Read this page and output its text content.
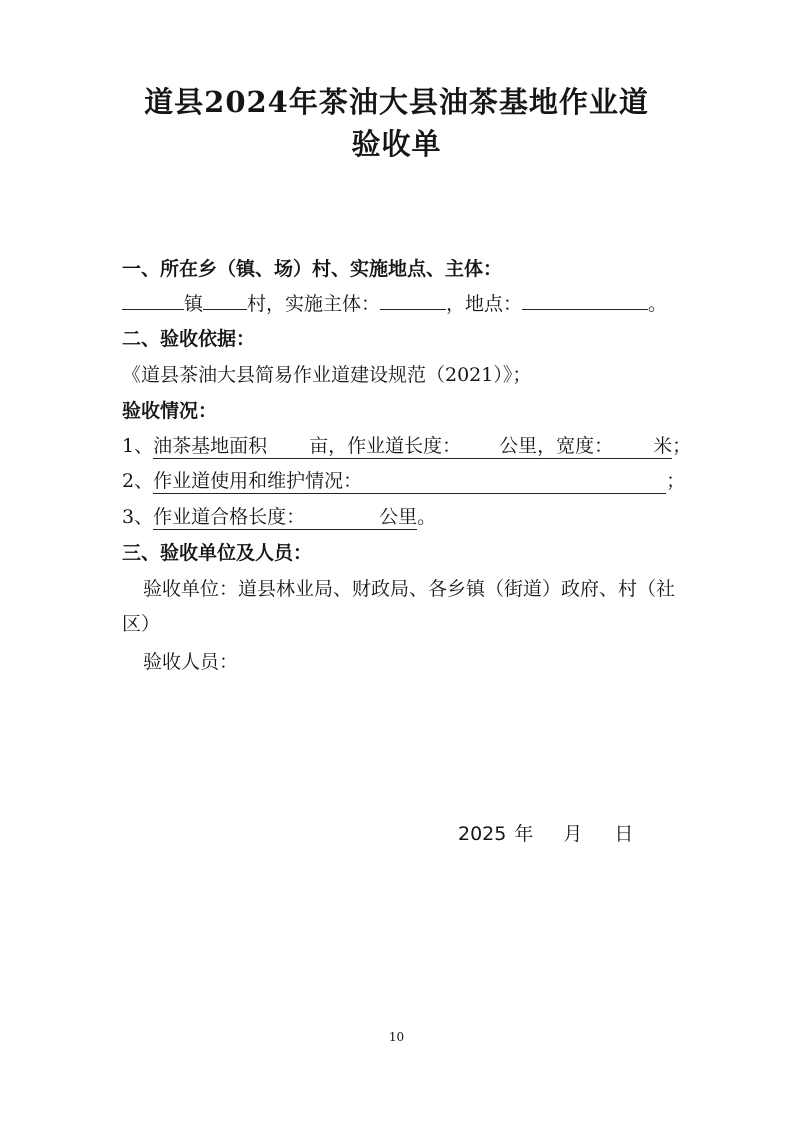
道县2024年茶油大县油茶基地作业道
验收单
一、所在乡（镇、场）村、实施地点、主体：
镇 村，实施主体：	，地点：	。
二、验收依据：
《道县茶油大县简易作业道建设规范（2021）》；
验收情况：
1、油茶基地面积 亩，作业道长度： 公里，宽度： 米；
2、作业道使用和维护情况：	；
3、作业道合格长度：	公里。
三、验收单位及人员：
验收单位：道县林业局、财政局、各乡镇（街道）政府、村（社
区）
验收人员：
2025 年 月 日
10
